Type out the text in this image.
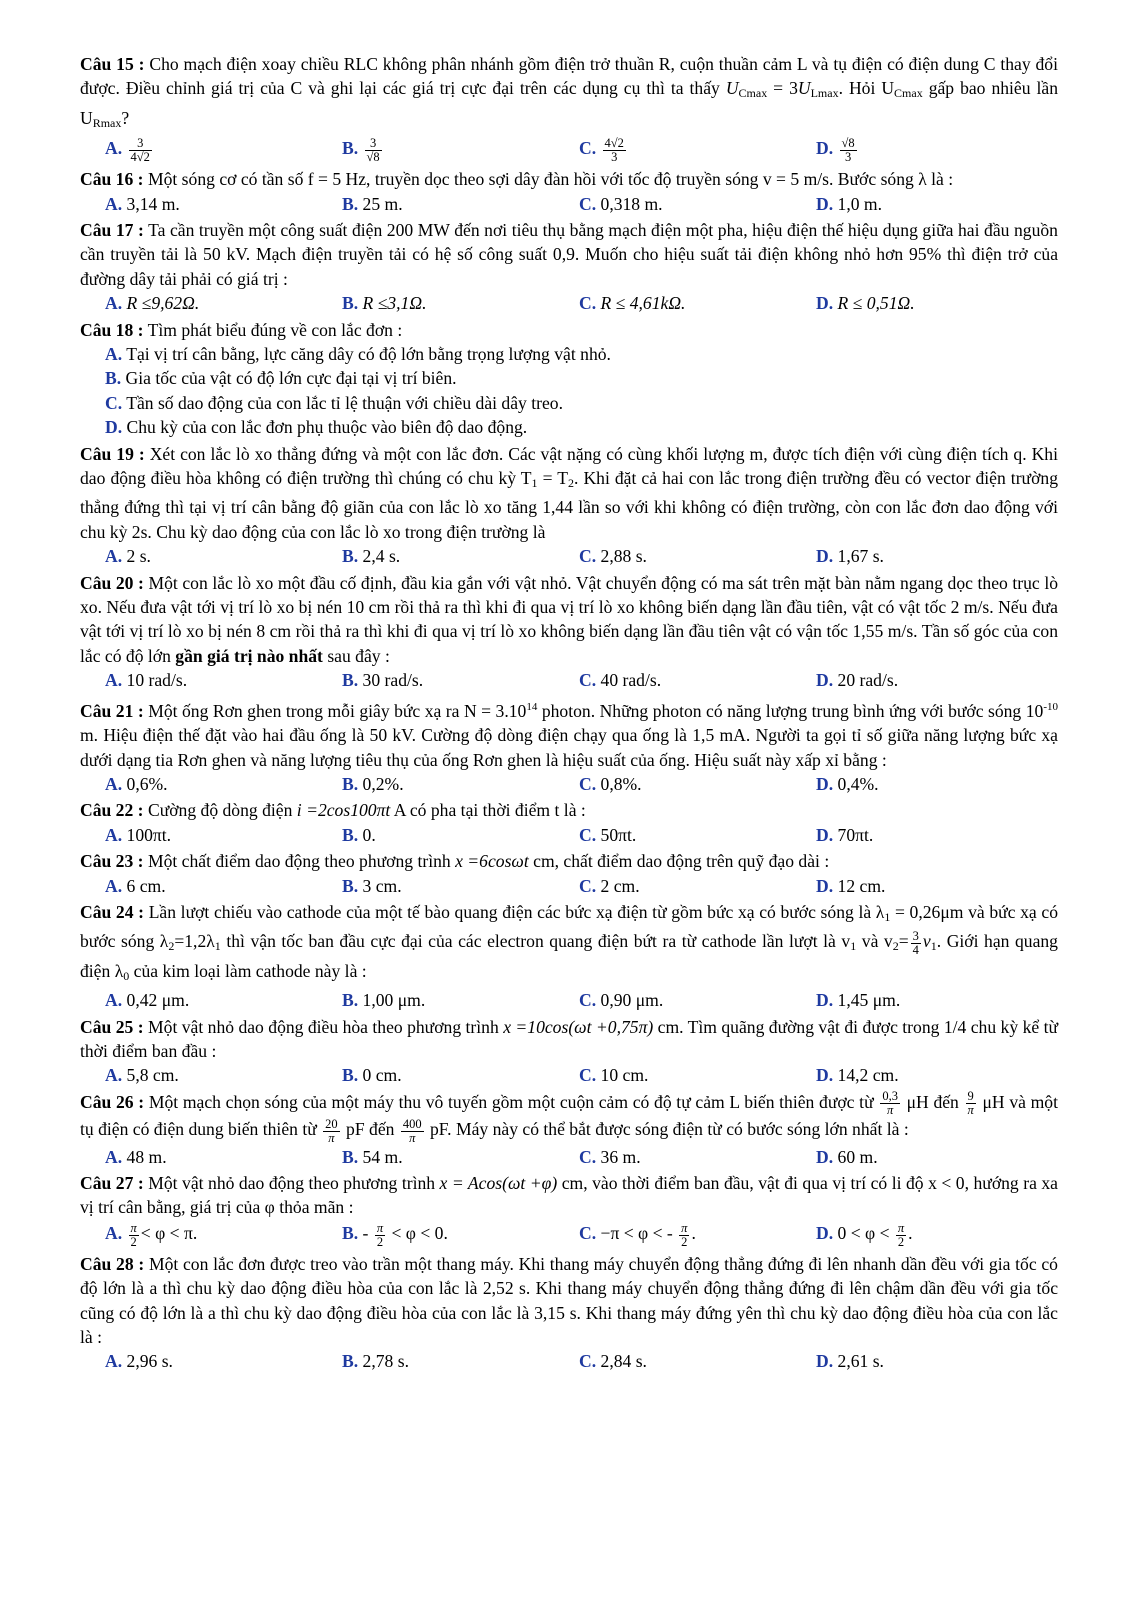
Câu 15 : Cho mạch điện xoay chiều RLC không phân nhánh gồm điện trở thuần R, cuộn thuần cảm L và tụ điện có điện dung C thay đổi được. Điều chỉnh giá trị của C và ghi lại các giá trị cực đại trên các dụng cụ thì ta thấy $U_{Cmax} = 3U_{Lmax}$. Hỏi $U_{Cmax}$ gấp bao nhiêu lần $U_{Rmax}$?
A. $\frac{3}{4√2}$	B. $\frac{3}{√8}$	C. $\frac{4√2}{3}$	D. $\frac{√8}{3}$
Câu 16 : Một sóng cơ có tần số f = 5 Hz, truyền dọc theo sợi dây đàn hồi với tốc độ truyền sóng v = 5 m/s. Bước sóng λ là :
A. 3,14 m.	B. 25 m.	C. 0,318 m.	D. 1,0 m.
Câu 17 : Ta cần truyền một công suất điện 200 MW đến nơi tiêu thụ bằng mạch điện một pha, hiệu điện thế hiệu dụng giữa hai đầu nguồn cần truyền tải là 50 kV. Mạch điện truyền tải có hệ số công suất 0,9. Muốn cho hiệu suất tải điện không nhỏ hơn 95% thì điện trở của đường dây tải phải có giá trị :
A. R ≤9,62Ω.	B. R ≤3,1Ω.	C. R ≤ 4,61kΩ.	D. R ≤ 0,51Ω.
Câu 18 : Tìm phát biểu đúng về con lắc đơn :
A. Tại vị trí cân bằng, lực căng dây có độ lớn bằng trọng lượng vật nhỏ.
B. Gia tốc của vật có độ lớn cực đại tại vị trí biên.
C. Tần số dao động của con lắc tỉ lệ thuận với chiều dài dây treo.
D. Chu kỳ của con lắc đơn phụ thuộc vào biên độ dao động.
Câu 19 : Xét con lắc lò xo thẳng đứng và một con lắc đơn. Các vật nặng có cùng khối lượng m, được tích điện với cùng điện tích q. Khi dao động điều hòa không có điện trường thì chúng có chu kỳ $T_1 = T_2$. Khi đặt cả hai con lắc trong điện trường đều có vector điện trường thẳng đứng thì tại vị trí cân bằng độ giãn của con lắc lò xo tăng 1,44 lần so với khi không có điện trường, còn con lắc đơn dao động với chu kỳ 2s. Chu kỳ dao động của con lắc lò xo trong điện trường là
A. 2 s.	B. 2,4 s.	C. 2,88 s.	D. 1,67 s.
Câu 20 : Một con lắc lò xo một đầu cố định, đầu kia gắn với vật nhỏ. Vật chuyển động có ma sát trên mặt bàn nằm ngang dọc theo trục lò xo. Nếu đưa vật tới vị trí lò xo bị nén 10 cm rồi thả ra thì khi đi qua vị trí lò xo không biến dạng lần đầu tiên, vật có vật tốc 2 m/s. Nếu đưa vật tới vị trí lò xo bị nén 8 cm rồi thả ra thì khi đi qua vị trí lò xo không biến dạng lần đầu tiên vật có vận tốc 1,55 m/s. Tần số góc của con lắc có độ lớn gần giá trị nào nhất sau đây :
A. 10 rad/s.	B. 30 rad/s.	C. 40 rad/s.	D. 20 rad/s.
Câu 21 : Một ống Rơn ghen trong mỗi giây bức xạ ra $N = 3.10^{14}$ photon. Những photon có năng lượng trung bình ứng với bước sóng $10^{-10}$ m. Hiệu điện thế đặt vào hai đầu ống là 50 kV. Cường độ dòng điện chạy qua ống là 1,5 mA. Người ta gọi tỉ số giữa năng lượng bức xạ dưới dạng tia Rơn ghen và năng lượng tiêu thụ của ống Rơn ghen là hiệu suất của ống. Hiệu suất này xấp xỉ bằng :
A. 0,6%.	B. 0,2%.	C. 0,8%.	D. 0,4%.
Câu 22 : Cường độ dòng điện i =2cos100πt A có pha tại thời điểm t là :
A. 100πt.	B. 0.	C. 50πt.	D. 70πt.
Câu 23 : Một chất điểm dao động theo phương trình x =6cosωt cm, chất điểm dao động trên quỹ đạo dài :
A. 6 cm.	B. 3 cm.	C. 2 cm.	D. 12 cm.
Câu 24 : Lần lượt chiếu vào cathode của một tế bào quang điện các bức xạ điện từ gồm bức xạ có bước sóng là $\lambda_1 = 0,26\mu m$ và bức xạ có bước sóng $\lambda_2=1,2\lambda_1$ thì vận tốc ban đầu cực đại của các electron quang điện bứt ra từ cathode lần lượt là $v_1$ và $v_2= \frac{3}{4} v_1$. Giới hạn quang điện $\lambda_0$ của kim loại làm cathode này là :
A. 0,42 μm.	B. 1,00 μm.	C. 0,90 μm.	D. 1,45 μm.
Câu 25 : Một vật nhỏ dao động điều hòa theo phương trình x =10cos(ωt +0,75π) cm. Tìm quãng đường vật đi được trong 1/4 chu kỳ kể từ thời điểm ban đầu :
A. 5,8 cm.	B. 0 cm.	C. 10 cm.	D. 14,2 cm.
Câu 26 : Một mạch chọn sóng của một máy thu vô tuyến gồm một cuộn cảm có độ tự cảm L biến thiên được từ $\frac{0,3}{\pi}$ μH đến $\frac{9}{\pi}$ μH và một tụ điện có điện dung biến thiên từ $\frac{20}{\pi}$ pF đến $\frac{400}{\pi}$ pF. Máy này có thể bắt được sóng điện từ có bước sóng lớn nhất là :
A. 48 m.	B. 54 m.	C. 36 m.	D. 60 m.
Câu 27 : Một vật nhỏ dao động theo phương trình x = Acos(ωt +φ) cm, vào thời điểm ban đầu, vật đi qua vị trí có li độ x < 0, hướng ra xa vị trí cân bằng, giá trị của φ thỏa mãn :
A. $\frac{\pi}{2} < \varphi < \pi$.	B. - $\frac{\pi}{2} < \varphi < 0$.	C. −π < φ < - $\frac{\pi}{2}$ .	D. $0 < \varphi < \frac{\pi}{2}$ .
Câu 28 : Một con lắc đơn được treo vào trần một thang máy. Khi thang máy chuyển động thẳng đứng đi lên nhanh dần đều với gia tốc có độ lớn là a thì chu kỳ dao động điều hòa của con lắc là 2,52 s. Khi thang máy chuyển động thẳng đứng đi lên chậm dần đều với gia tốc cũng có độ lớn là a thì chu kỳ dao động điều hòa của con lắc là 3,15 s. Khi thang máy đứng yên thì chu kỳ dao động điều hòa của con lắc là :
A. 2,96 s.	B. 2,78 s.	C. 2,84 s.	D. 2,61 s.
